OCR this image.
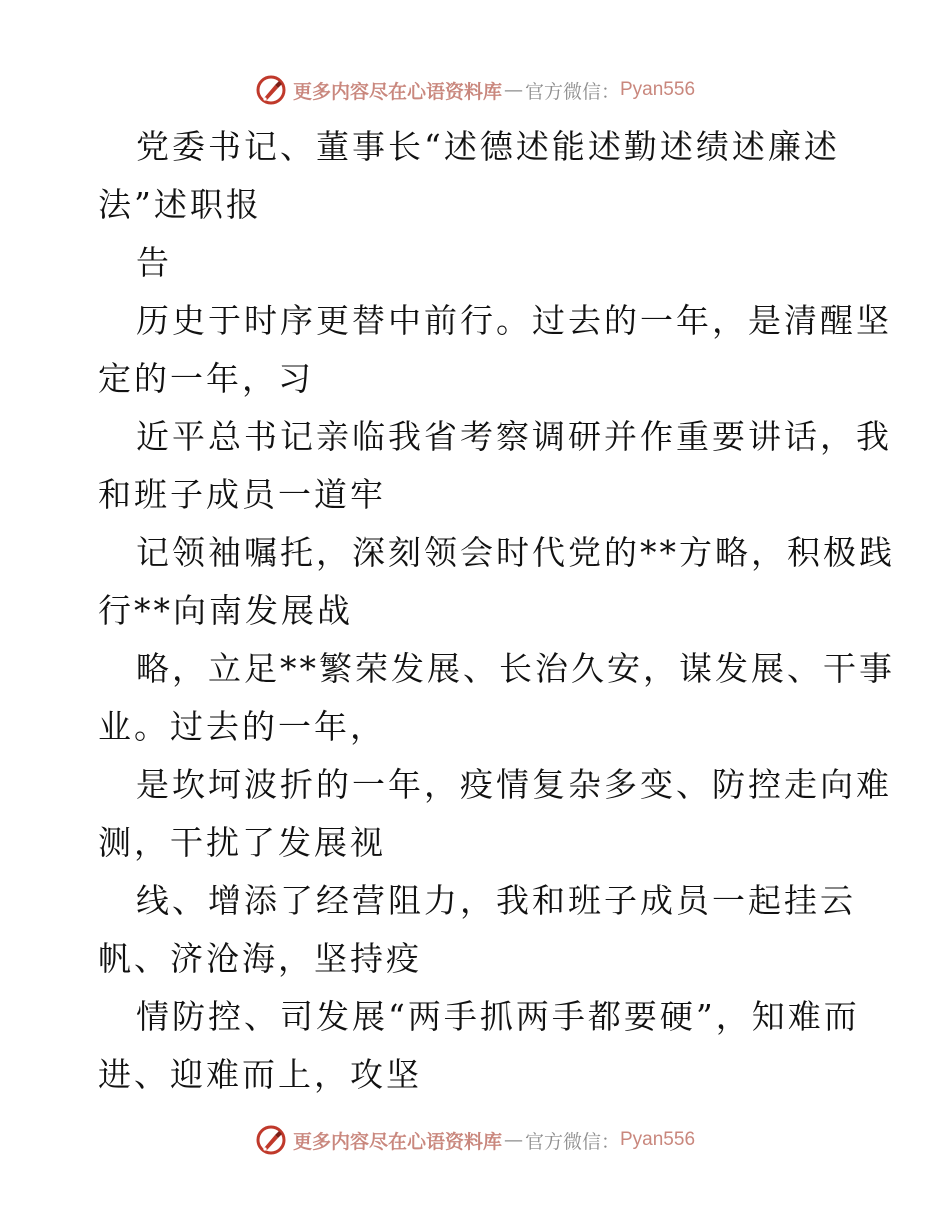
更多内容尽在心语资料库 — 官方微信： Pyan556
党委书记、董事长“述德述能述勤述绩述廉述
法”述职报
告
历史于时序更替中前行。过去的一年，是清醒坚
定的一年，习
近平总书记亲临我省考察调研并作重要讲话，我
和班子成员一道牢
记领袖嘱托，深刻领会时代党的**方略，积极践
行**向南发展战
略，立足**繁荣发展、长治久安，谋发展、干事
业。过去的一年，
是坎坷波折的一年，疫情复杂多变、防控走向难
测，干扰了发展视
线、增添了经营阻力，我和班子成员一起挂云
帆、济沧海，坚持疫
情防控、司发展“两手抓两手都要硬”，知难而
进、迎难而上，攻坚
更多内容尽在心语资料库 — 官方微信： Pyan556
